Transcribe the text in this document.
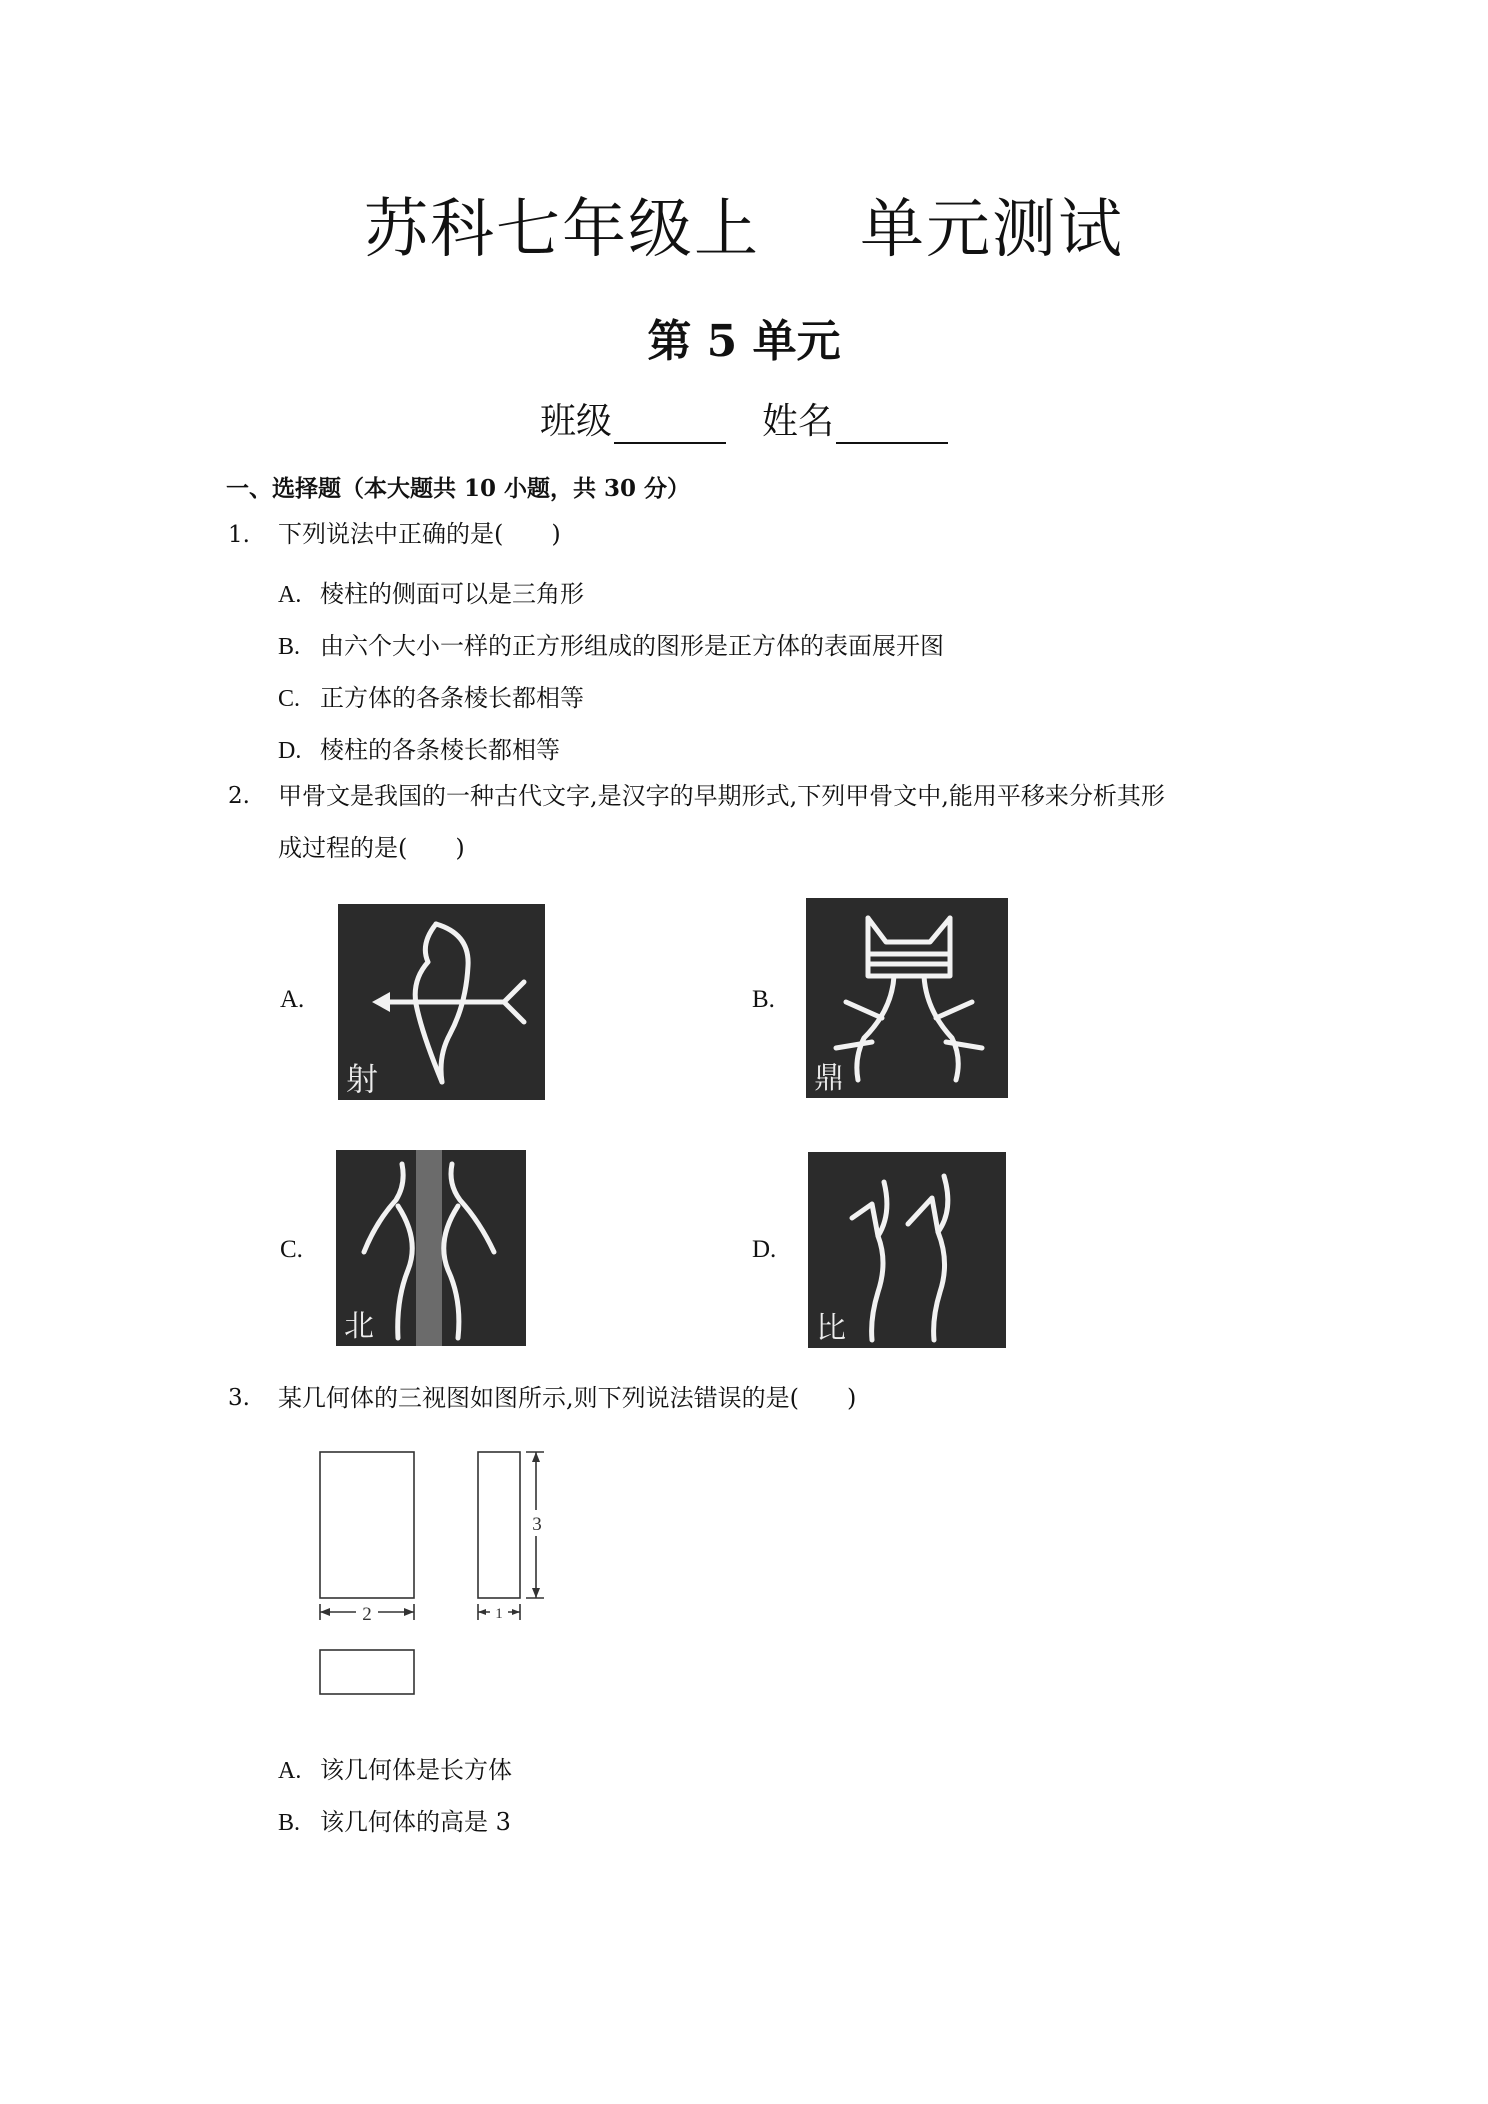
苏科七年级上 单元测试
第 5 单元
班级	姓名
一、选择题（本大题共 10 小题，共 30 分）
1. 下列说法中正确的是(　　)
A. 棱柱的侧面可以是三角形
B. 由六个大小一样的正方形组成的图形是正方体的表面展开图
C. 正方体的各条棱长都相等
D. 棱柱的各条棱长都相等
2. 甲骨文是我国的一种古代文字,是汉字的早期形式,下列甲骨文中,能用平移来分析其形
成过程的是(　　)
A.
射
B.
鼎
C.
北
D.
比
3. 某几何体的三视图如图所示,则下列说法错误的是(　　)
2	1
3
A. 该几何体是长方体
B. 该几何体的高是 3
